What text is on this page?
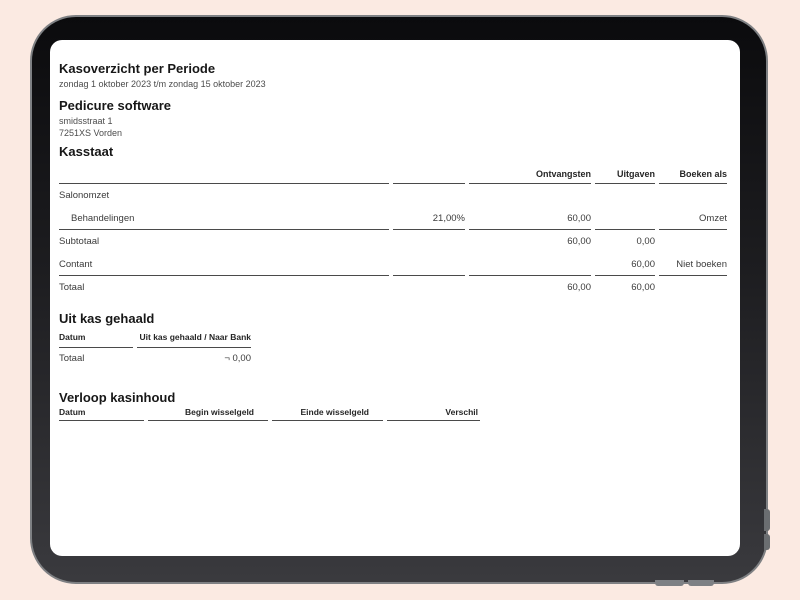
Kasoverzicht per Periode
zondag 1 oktober 2023 t/m zondag 15 oktober 2023
Pedicure software
smidsstraat 1
7251XS Vorden
Kasstaat
		Ontvangsten	Uitgaven	Boeken als
Salonomzet				
Behandelingen	21,00%	60,00		Omzet
Subtotaal		60,00	0,00	
Contant			60,00	Niet boeken
Totaal		60,00	60,00	
Uit kas gehaald
Datum	Uit kas gehaald / Naar Bank
Totaal	¬ 0,00
Verloop kasinhoud
Datum	Begin wisselgeld	Einde wisselgeld	Verschil
